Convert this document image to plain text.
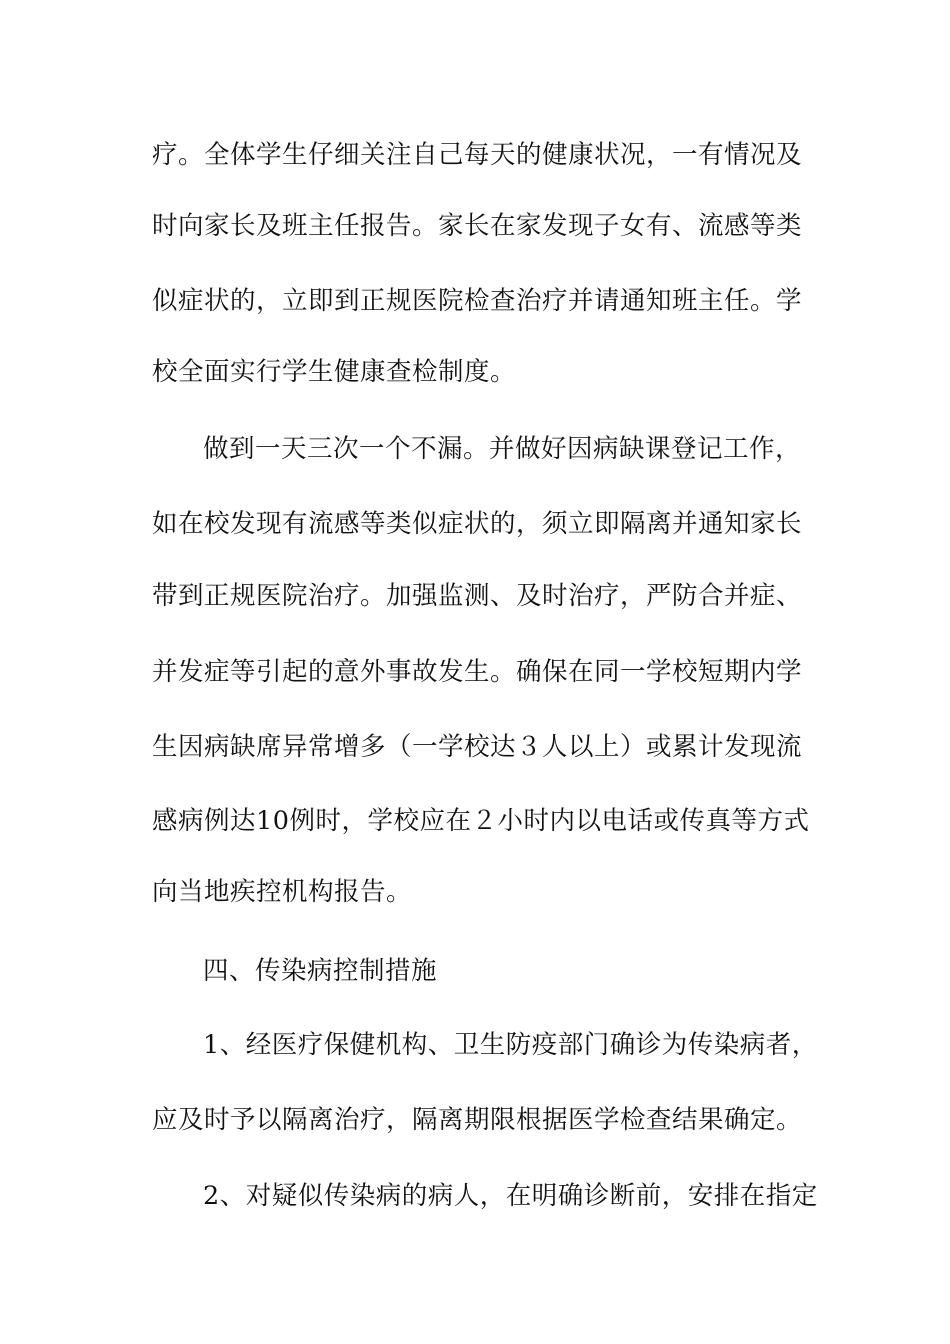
疗。全体学生仔细关注自己每天的健康状况，一有情况及
时向家长及班主任报告。家长在家发现子女有、流感等类
似症状的，立即到正规医院检查治疗并请通知班主任。学
校全面实行学生健康查检制度。
做到一天三次一个不漏。并做好因病缺课登记工作，
如在校发现有流感等类似症状的，须立即隔离并通知家长
带到正规医院治疗。加强监测、及时治疗，严防合并症、
并发症等引起的意外事故发生。确保在同一学校短期内学
生因病缺席异常增多（一学校达３人以上）或累计发现流
感病例达10例时，学校应在２小时内以电话或传真等方式
向当地疾控机构报告。
四、传染病控制措施
1、经医疗保健机构、卫生防疫部门确诊为传染病者，
应及时予以隔离治疗，隔离期限根据医学检查结果确定。
2、对疑似传染病的病人，在明确诊断前，安排在指定
